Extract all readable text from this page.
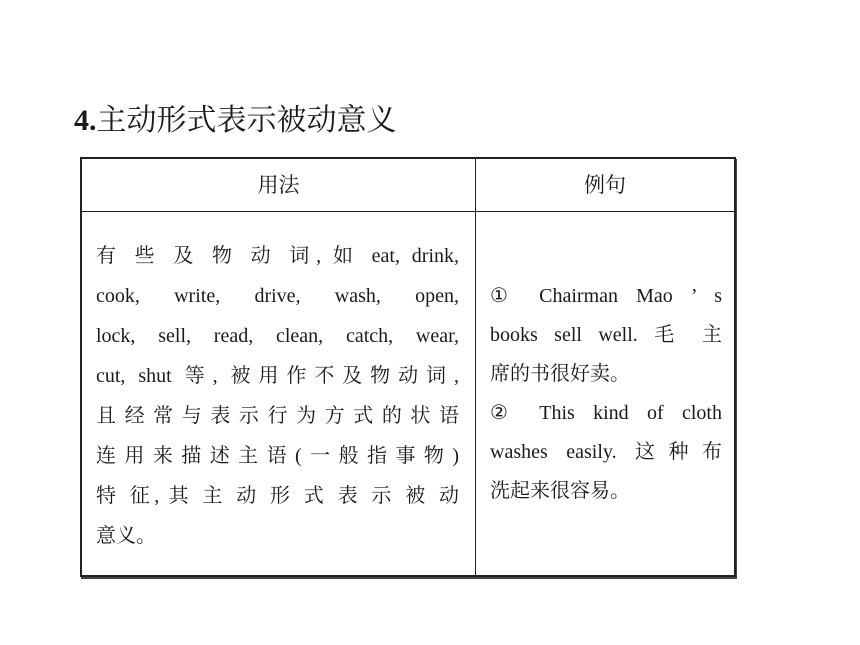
4.主动形式表示被动意义
用法	例句
有 些 及 物 动 词, 如 eat, drink,
cook, write, drive, wash, open,
lock, sell, read, clean, catch, wear,
cut, shut 等, 被用作不及物动词,
且经常与表示行为方式的状语
连用来描述主语(一般指事物)
特 征, 其 主 动 形 式 表 示 被 动
意义。

① Chairman Mao ’ s
books sell well. 毛 主
席的书很好卖。

② This kind of cloth
washes easily. 这种布
洗起来很容易。
